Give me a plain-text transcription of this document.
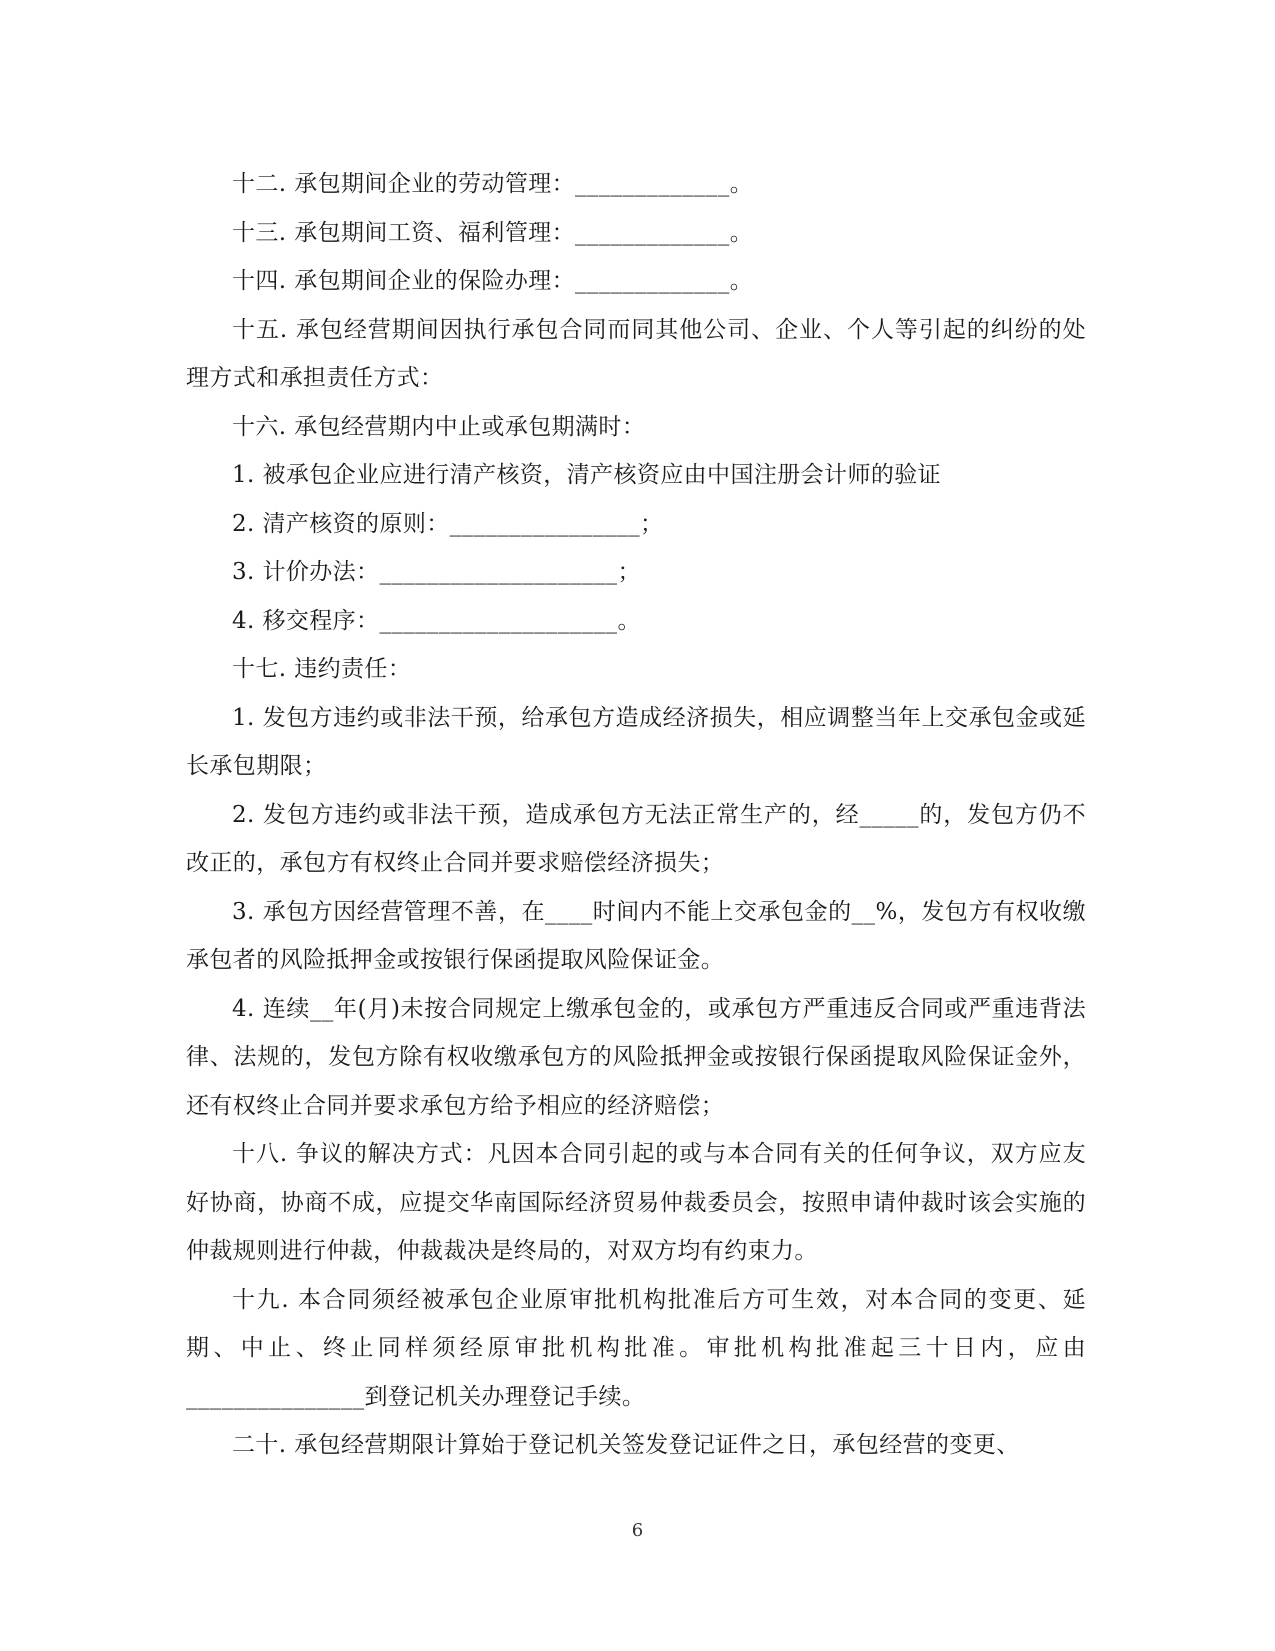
十二. 承包期间企业的劳动管理：_____________。

十三. 承包期间工资、福利管理：_____________。

十四. 承包期间企业的保险办理：_____________。

十五. 承包经营期间因执行承包合同而同其他公司、企业、个人等引起的纠纷的处理方式和承担责任方式：

十六. 承包经营期内中止或承包期满时：

1. 被承包企业应进行清产核资，清产核资应由中国注册会计师的验证

2. 清产核资的原则：________________；

3. 计价办法：____________________；

4. 移交程序：____________________。

十七. 违约责任：

1. 发包方违约或非法干预，给承包方造成经济损失，相应调整当年上交承包金或延长承包期限；

2. 发包方违约或非法干预，造成承包方无法正常生产的，经_____的，发包方仍不改正的，承包方有权终止合同并要求赔偿经济损失；

3. 承包方因经营管理不善，在____时间内不能上交承包金的__%，发包方有权收缴承包者的风险抵押金或按银行保函提取风险保证金。

4. 连续__年(月)未按合同规定上缴承包金的，或承包方严重违反合同或严重违背法律、法规的，发包方除有权收缴承包方的风险抵押金或按银行保函提取风险保证金外，还有权终止合同并要求承包方给予相应的经济赔偿；

十八. 争议的解决方式：凡因本合同引起的或与本合同有关的任何争议，双方应友好协商，协商不成，应提交华南国际经济贸易仲裁委员会，按照申请仲裁时该会实施的仲裁规则进行仲裁，仲裁裁决是终局的，对双方均有约束力。

十九. 本合同须经被承包企业原审批机构批准后方可生效，对本合同的变更、延期、中止、终止同样须经原审批机构批准。审批机构批准起三十日内，应由_______________到登记机关办理登记手续。

二十. 承包经营期限计算始于登记机关签发登记证件之日，承包经营的变更、

6
